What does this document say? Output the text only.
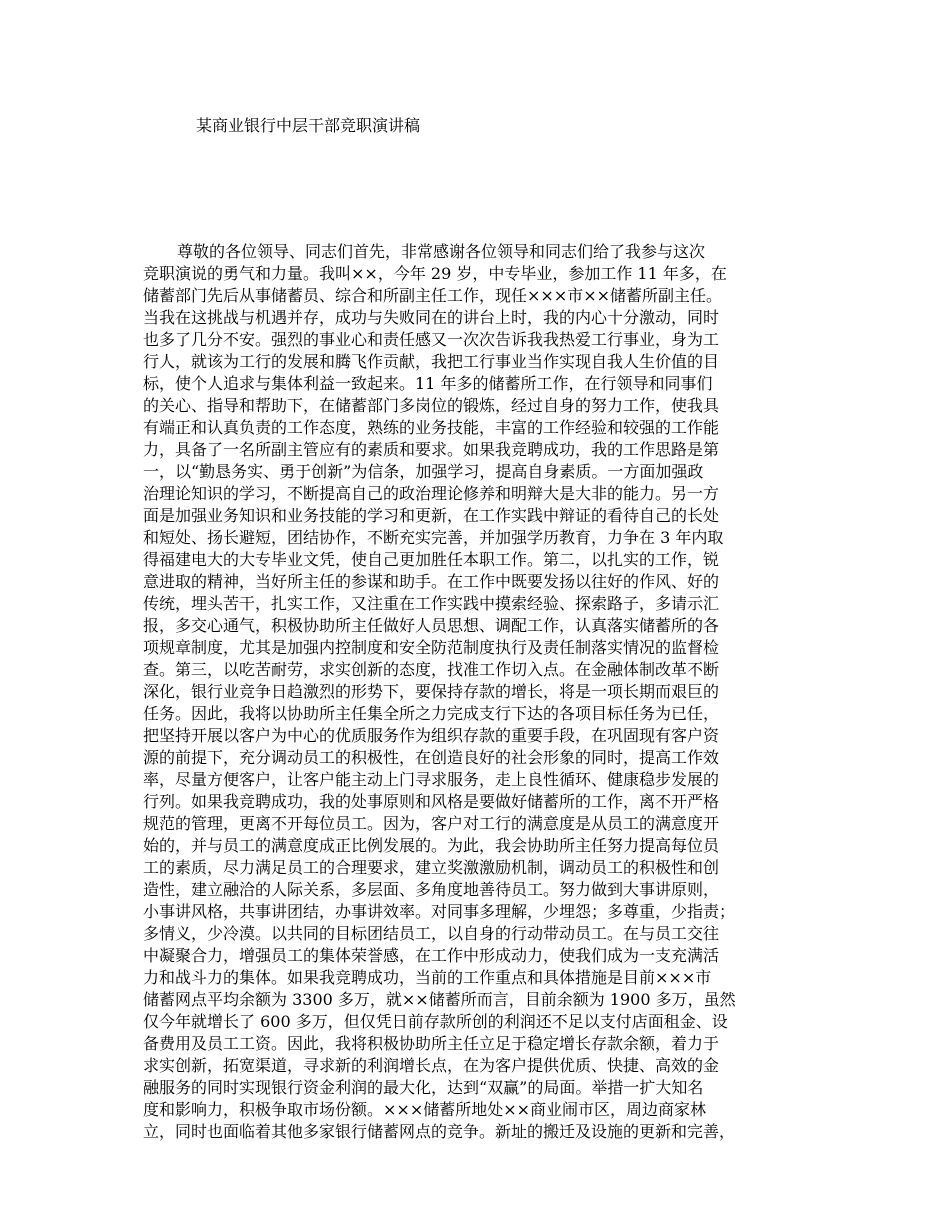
某商业银行中层干部竞职演讲稿
尊敬的各位领导、同志们首先，非常感谢各位领导和同志们给了我参与这次
竞职演说的勇气和力量。我叫××，今年 29 岁，中专毕业，参加工作 11 年多，在
储蓄部门先后从事储蓄员、综合和所副主任工作，现任×××市××储蓄所副主任。
当我在这挑战与机遇并存，成功与失败同在的讲台上时，我的内心十分激动，同时
也多了几分不安。强烈的事业心和责任感又一次次告诉我我热爱工行事业，身为工
行人，就该为工行的发展和腾飞作贡献，我把工行事业当作实现自我人生价值的目
标，使个人追求与集体利益一致起来。11 年多的储蓄所工作，在行领导和同事们
的关心、指导和帮助下，在储蓄部门多岗位的锻炼，经过自身的努力工作，使我具
有端正和认真负责的工作态度，熟练的业务技能，丰富的工作经验和较强的工作能
力，具备了一名所副主管应有的素质和要求。如果我竞聘成功，我的工作思路是第
一，以“勤恳务实、勇于创新”为信条，加强学习，提高自身素质。一方面加强政
治理论知识的学习，不断提高自己的政治理论修养和明辩大是大非的能力。另一方
面是加强业务知识和业务技能的学习和更新，在工作实践中辩证的看待自己的长处
和短处、扬长避短，团结协作，不断充实完善，并加强学历教育，力争在 3 年内取
得福建电大的大专毕业文凭，使自己更加胜任本职工作。第二，以扎实的工作，锐
意进取的精神，当好所主任的参谋和助手。在工作中既要发扬以往好的作风、好的
传统，埋头苦干，扎实工作，又注重在工作实践中摸索经验、探索路子，多请示汇
报，多交心通气，积极协助所主任做好人员思想、调配工作，认真落实储蓄所的各
项规章制度，尤其是加强内控制度和安全防范制度执行及责任制落实情况的监督检
查。第三，以吃苦耐劳，求实创新的态度，找准工作切入点。在金融体制改革不断
深化，银行业竞争日趋激烈的形势下，要保持存款的增长，将是一项长期而艰巨的
任务。因此，我将以协助所主任集全所之力完成支行下达的各项目标任务为已任，
把坚持开展以客户为中心的优质服务作为组织存款的重要手段，在巩固现有客户资
源的前提下，充分调动员工的积极性，在创造良好的社会形象的同时，提高工作效
率，尽量方便客户，让客户能主动上门寻求服务，走上良性循环、健康稳步发展的
行列。如果我竞聘成功，我的处事原则和风格是要做好储蓄所的工作，离不开严格
规范的管理，更离不开每位员工。因为，客户对工行的满意度是从员工的满意度开
始的，并与员工的满意度成正比例发展的。为此，我会协助所主任努力提高每位员
工的素质，尽力满足员工的合理要求，建立奖激激励机制，调动员工的积极性和创
造性，建立融洽的人际关系，多层面、多角度地善待员工。努力做到大事讲原则，
小事讲风格，共事讲团结，办事讲效率。对同事多理解，少埋怨；多尊重，少指责；
多情义，少冷漠。以共同的目标团结员工，以自身的行动带动员工。在与员工交往
中凝聚合力，增强员工的集体荣誉感，在工作中形成动力，使我们成为一支充满活
力和战斗力的集体。如果我竞聘成功，当前的工作重点和具体措施是目前×××市
储蓄网点平均余额为 3300 多万，就××储蓄所而言，目前余额为 1900 多万，虽然
仅今年就增长了 600 多万，但仅凭日前存款所创的利润还不足以支付店面租金、设
备费用及员工工资。因此，我将积极协助所主任立足于稳定增长存款余额，着力于
求实创新，拓宽渠道，寻求新的利润增长点，在为客户提供优质、快捷、高效的金
融服务的同时实现银行资金利润的最大化，达到“双赢”的局面。举措一扩大知名
度和影响力，积极争取市场份额。×××储蓄所地处××商业闹市区，周边商家林
立，同时也面临着其他多家银行储蓄网点的竞争。新址的搬迁及设施的更新和完善，
